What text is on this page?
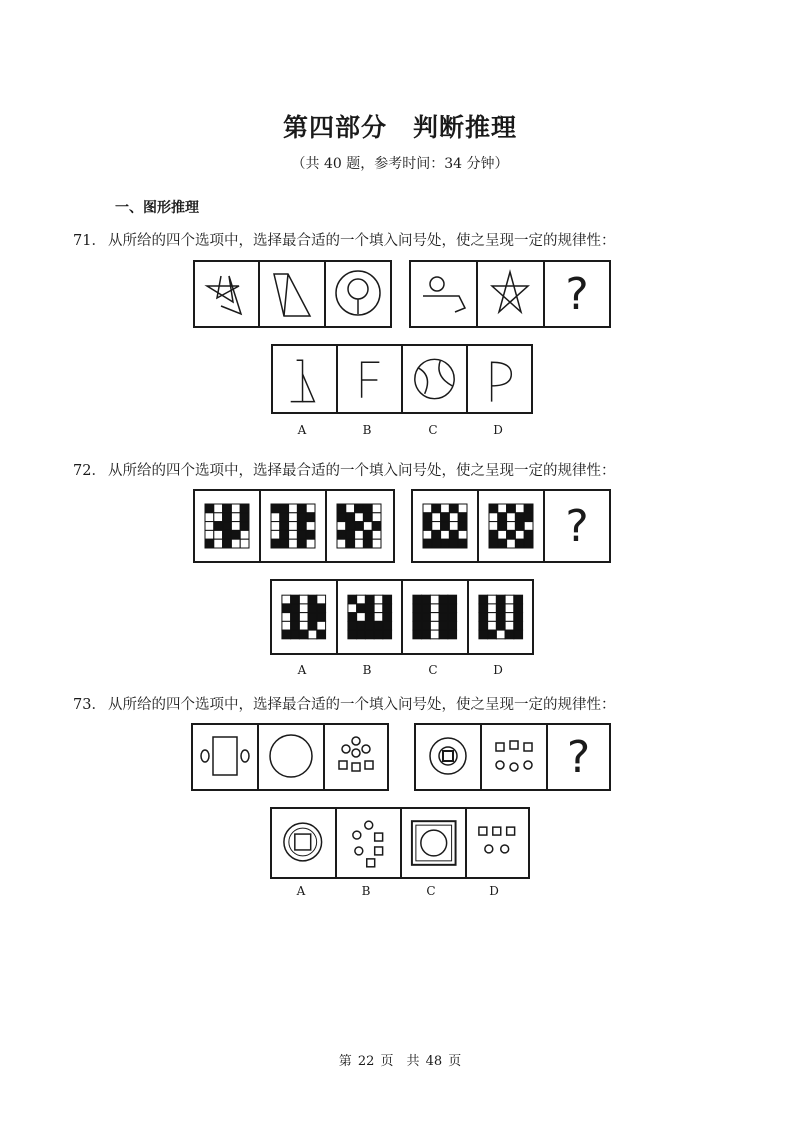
第四部分　判断推理
（共 40 题，参考时间：34 分钟）
一、图形推理
71． 从所给的四个选项中，选择最合适的一个填入问号处，使之呈现一定的规律性：
?
A	B	C	D
72． 从所给的四个选项中，选择最合适的一个填入问号处，使之呈现一定的规律性：
?
A	B	C	D
73． 从所给的四个选项中，选择最合适的一个填入问号处，使之呈现一定的规律性：
?
A	B	C	D
第 22 页　共 48 页
